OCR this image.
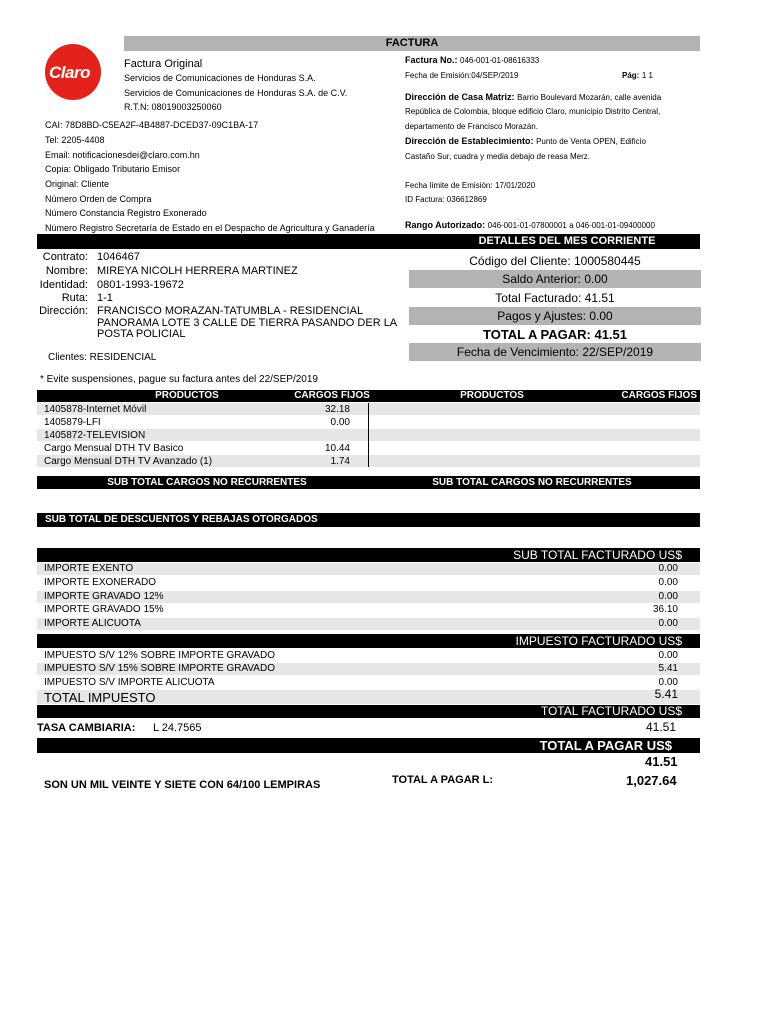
FACTURA
Claro	Factura Original
Servicios de Comunicaciones de Honduras S.A.
Servicios de Comunicaciones de Honduras S.A. de C.V.
R.T.N: 08019003250060
CAI: 78D8BD-C5EA2F-4B4887-DCED37-09C1BA-17
Tel: 2205-4408
Email: notificacionesdei@claro.com.hn
Copia: Obligado Tributario Emisor
Original: Cliente
Número Orden de Compra
Número Constancia Registro Exonerado
Número Registro Secretaría de Estado en el Despacho de Agricultura y Ganadería
Factura No.: 046-001-01-08616333
Fecha de Emisión:04/SEP/2019	Pág: 1 1
Dirección de Casa Matriz: Barrio Boulevard Mozarán, calle avenida
República de Colombia, bloque edificio Claro, municipio Distrito Central,
departamento de Francisco Morazán.
Dirección de Establecimiento: Punto de Venta OPEN, Edificio
Castaño Sur, cuadra y media debajo de reasa Merz.
Fecha límite de Emisión: 17/01/2020
ID Factura: 036612869
Rango Autorizado: 046-001-01-07800001 a 046-001-01-09400000
DETALLES DEL MES CORRIENTE
Contrato: 1046467
Nombre: MIREYA NICOLH HERRERA MARTINEZ
Identidad: 0801-1993-19672
Ruta: 1-1
Dirección: FRANCISCO MORAZAN-TATUMBLA - RESIDENCIAL
PANORAMA LOTE 3 CALLE DE TIERRA PASANDO DER LA
POSTA POLICIAL
Clientes: RESIDENCIAL
Código del Cliente: 1000580445
Saldo Anterior: 0.00
Total Facturado: 41.51
Pagos y Ajustes: 0.00
TOTAL A PAGAR: 41.51
Fecha de Vencimiento: 22/SEP/2019
* Evite suspensiones, pague su factura antes del 22/SEP/2019
PRODUCTOS	CARGOS FIJOS	PRODUCTOS	CARGOS FIJOS
1405878-Internet Móvil	32.18
1405879-LFI	0.00
1405872-TELEVISION
Cargo Mensual DTH TV Basico	10.44
Cargo Mensual DTH TV Avanzado (1)	1.74
SUB TOTAL CARGOS NO RECURRENTES	SUB TOTAL CARGOS NO RECURRENTES
SUB TOTAL DE DESCUENTOS Y REBAJAS OTORGADOS
SUB TOTAL FACTURADO US$
IMPORTE EXENTO	0.00
IMPORTE EXONERADO	0.00
IMPORTE GRAVADO 12%	0.00
IMPORTE GRAVADO 15%	36.10
IMPORTE ALICUOTA	0.00
IMPUESTO FACTURADO US$
IMPUESTO S/V 12% SOBRE IMPORTE GRAVADO	0.00
IMPUESTO S/V 15% SOBRE IMPORTE GRAVADO	5.41
IMPUESTO S/V IMPORTE ALICUOTA	0.00
TOTAL IMPUESTO	5.41
TOTAL FACTURADO US$
41.51
TASA CAMBIARIA: L 24.7565
TOTAL A PAGAR US$
41.51
SON UN MIL VEINTE Y SIETE CON 64/100 LEMPIRAS	TOTAL A PAGAR L:	1,027.64
